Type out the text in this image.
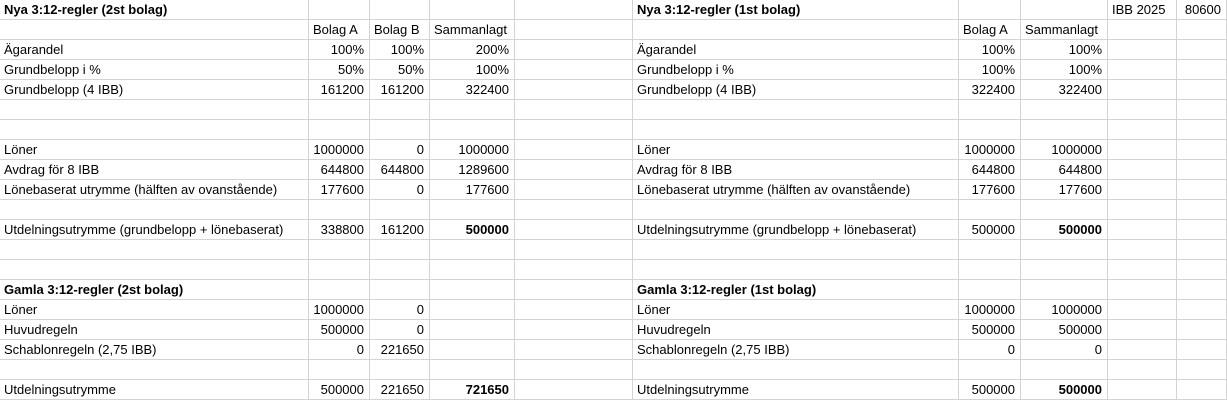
Nya 3:12-regler (2st bolag)	Nya 3:12-regler (1st bolag)	IBB 2025	80600
Bolag A	Bolag B	Sammanlagt	Bolag A	Sammanlagt
Ägarandel	100%	100%	200%	Ägarandel	100%	100%
Grundbelopp i %	50%	50%	100%	Grundbelopp i %	100%	100%
Grundbelopp (4 IBB)	161200	161200	322400	Grundbelopp (4 IBB)	322400	322400
Löner	1000000	0	1000000	Löner	1000000	1000000
Avdrag för 8 IBB	644800	644800	1289600	Avdrag för 8 IBB	644800	644800
Lönebaserat utrymme (hälften av ovanstående)	177600	0	177600	Lönebaserat utrymme (hälften av ovanstående)	177600	177600
Utdelningsutrymme (grundbelopp + lönebaserat)	338800	161200	500000	Utdelningsutrymme (grundbelopp + lönebaserat)	500000	500000
Gamla 3:12-regler (2st bolag)	Gamla 3:12-regler (1st bolag)
Löner	1000000	0	Löner	1000000	1000000
Huvudregeln	500000	0	Huvudregeln	500000	500000
Schablonregeln (2,75 IBB)	0	221650	Schablonregeln (2,75 IBB)	0	0
Utdelningsutrymme	500000	221650	721650	Utdelningsutrymme	500000	500000
